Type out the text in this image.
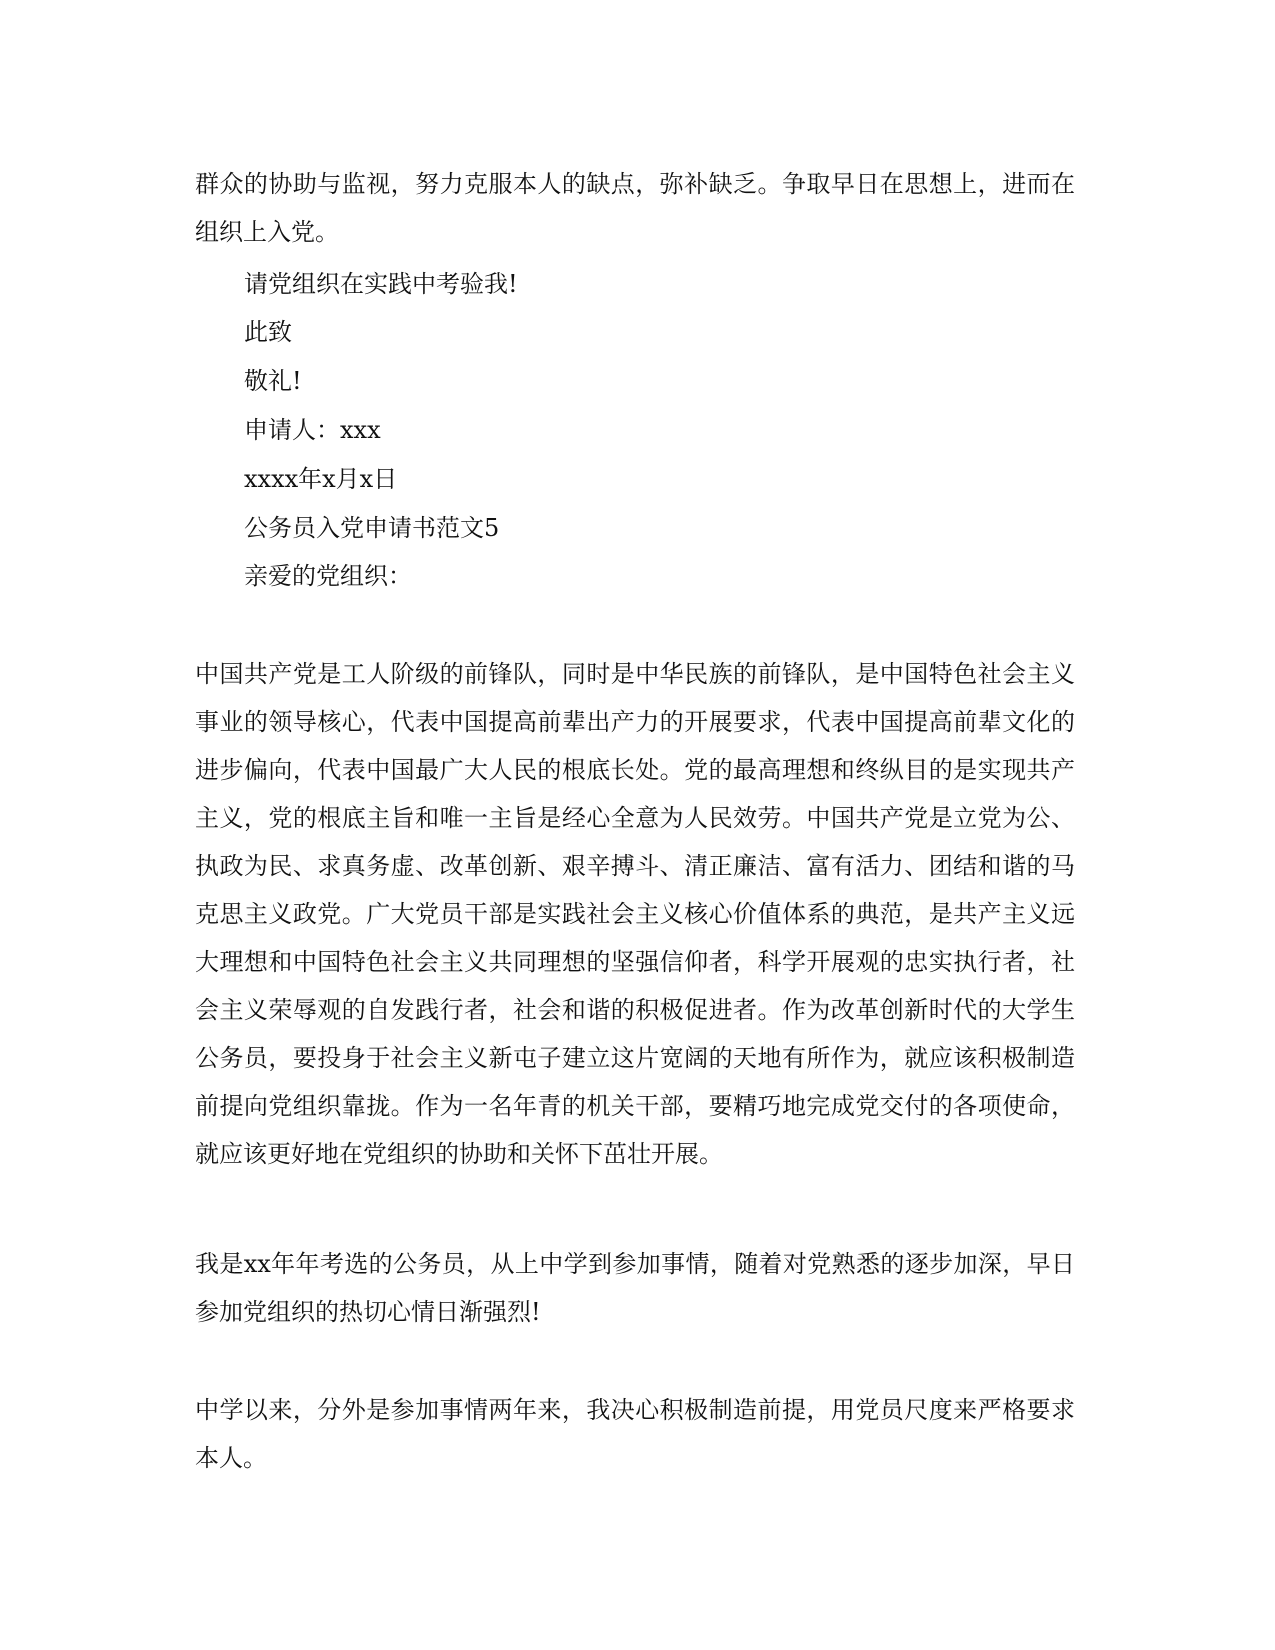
群众的协助与监视，努力克服本人的缺点，弥补缺乏。争取早日在思想上，进而在组织上入党。

请党组织在实践中考验我!

此致

敬礼!

申请人：xxx

xxxx年x月x日

公务员入党申请书范文5

亲爱的党组织：

中国共产党是工人阶级的前锋队，同时是中华民族的前锋队，是中国特色社会主义事业的领导核心，代表中国提高前辈出产力的开展要求，代表中国提高前辈文化的进步偏向，代表中国最广大人民的根底长处。党的最高理想和终纵目的是实现共产主义，党的根底主旨和唯一主旨是经心全意为人民效劳。中国共产党是立党为公、执政为民、求真务虚、改革创新、艰辛搏斗、清正廉洁、富有活力、团结和谐的马克思主义政党。广大党员干部是实践社会主义核心价值体系的典范，是共产主义远大理想和中国特色社会主义共同理想的坚强信仰者，科学开展观的忠实执行者，社会主义荣辱观的自发践行者，社会和谐的积极促进者。作为改革创新时代的大学生公务员，要投身于社会主义新屯子建立这片宽阔的天地有所作为，就应该积极制造前提向党组织靠拢。作为一名年青的机关干部，要精巧地完成党交付的各项使命，就应该更好地在党组织的协助和关怀下茁壮开展。

我是xx年年考选的公务员，从上中学到参加事情，随着对党熟悉的逐步加深，早日参加党组织的热切心情日渐强烈!

中学以来，分外是参加事情两年来，我决心积极制造前提，用党员尺度来严格要求本人。
